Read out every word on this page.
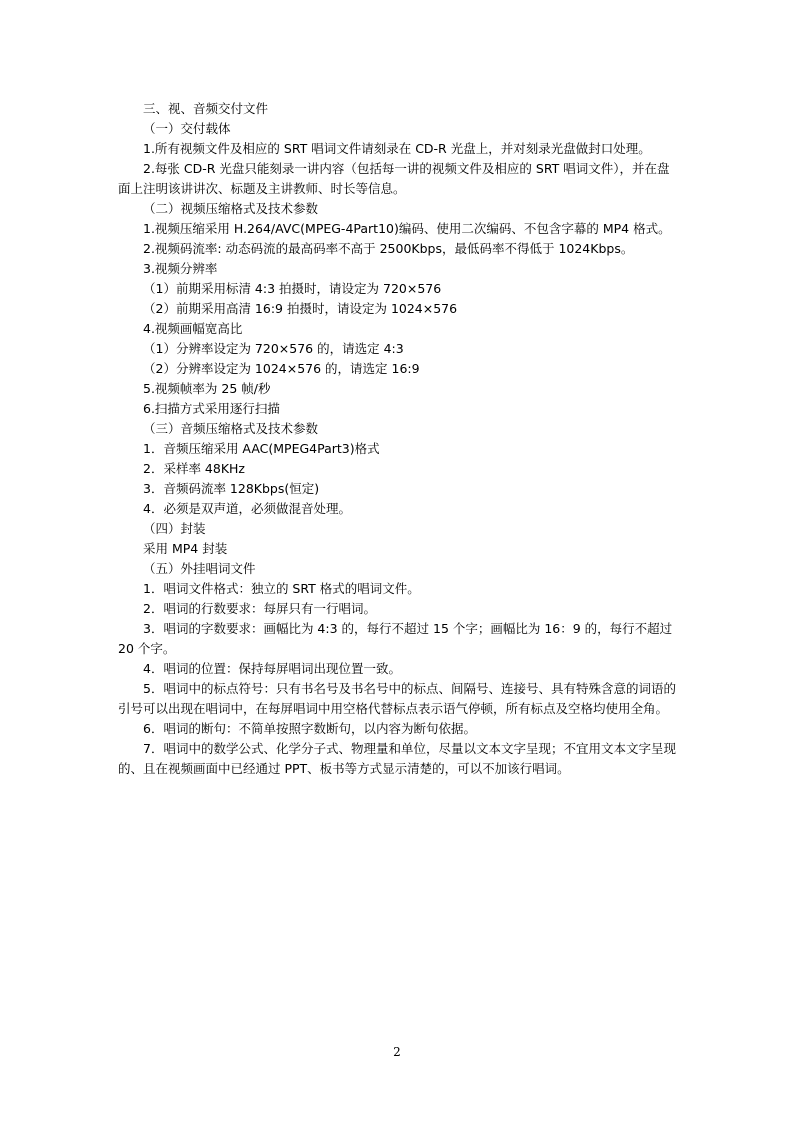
三、视、音频交付文件

（一）交付载体

1.所有视频文件及相应的 SRT 唱词文件请刻录在 CD-R 光盘上，并对刻录光盘做封口处理。

2.每张 CD-R 光盘只能刻录一讲内容（包括每一讲的视频文件及相应的 SRT 唱词文件），并在盘面上注明该讲讲次、标题及主讲教师、时长等信息。

（二）视频压缩格式及技术参数

1.视频压缩采用 H.264/AVC(MPEG-4Part10)编码、使用二次编码、不包含字幕的 MP4 格式。

2.视频码流率: 动态码流的最高码率不高于 2500Kbps，最低码率不得低于 1024Kbps。

3.视频分辨率

（1）前期采用标清 4:3 拍摄时，请设定为 720×576

（2）前期采用高清 16:9 拍摄时，请设定为 1024×576

4.视频画幅宽高比

（1）分辨率设定为 720×576 的，请选定 4:3

（2）分辨率设定为 1024×576 的，请选定 16:9

5.视频帧率为 25 帧/秒

6.扫描方式采用逐行扫描

（三）音频压缩格式及技术参数

1．音频压缩采用 AAC(MPEG4Part3)格式

2．采样率 48KHz

3．音频码流率 128Kbps(恒定)

4．必须是双声道，必须做混音处理。

（四）封装

采用 MP4 封装

（五）外挂唱词文件

1．唱词文件格式：独立的 SRT 格式的唱词文件。

2．唱词的行数要求：每屏只有一行唱词。

3．唱词的字数要求：画幅比为 4:3 的，每行不超过 15 个字；画幅比为 16：9 的，每行不超过 20 个字。

4．唱词的位置：保持每屏唱词出现位置一致。

5．唱词中的标点符号：只有书名号及书名号中的标点、间隔号、连接号、具有特殊含意的词语的引号可以出现在唱词中，在每屏唱词中用空格代替标点表示语气停顿，所有标点及空格均使用全角。

6．唱词的断句：不简单按照字数断句，以内容为断句依据。

7．唱词中的数学公式、化学分子式、物理量和单位，尽量以文本文字呈现；不宜用文本文字呈现的、且在视频画面中已经通过 PPT、板书等方式显示清楚的，可以不加该行唱词。

2
